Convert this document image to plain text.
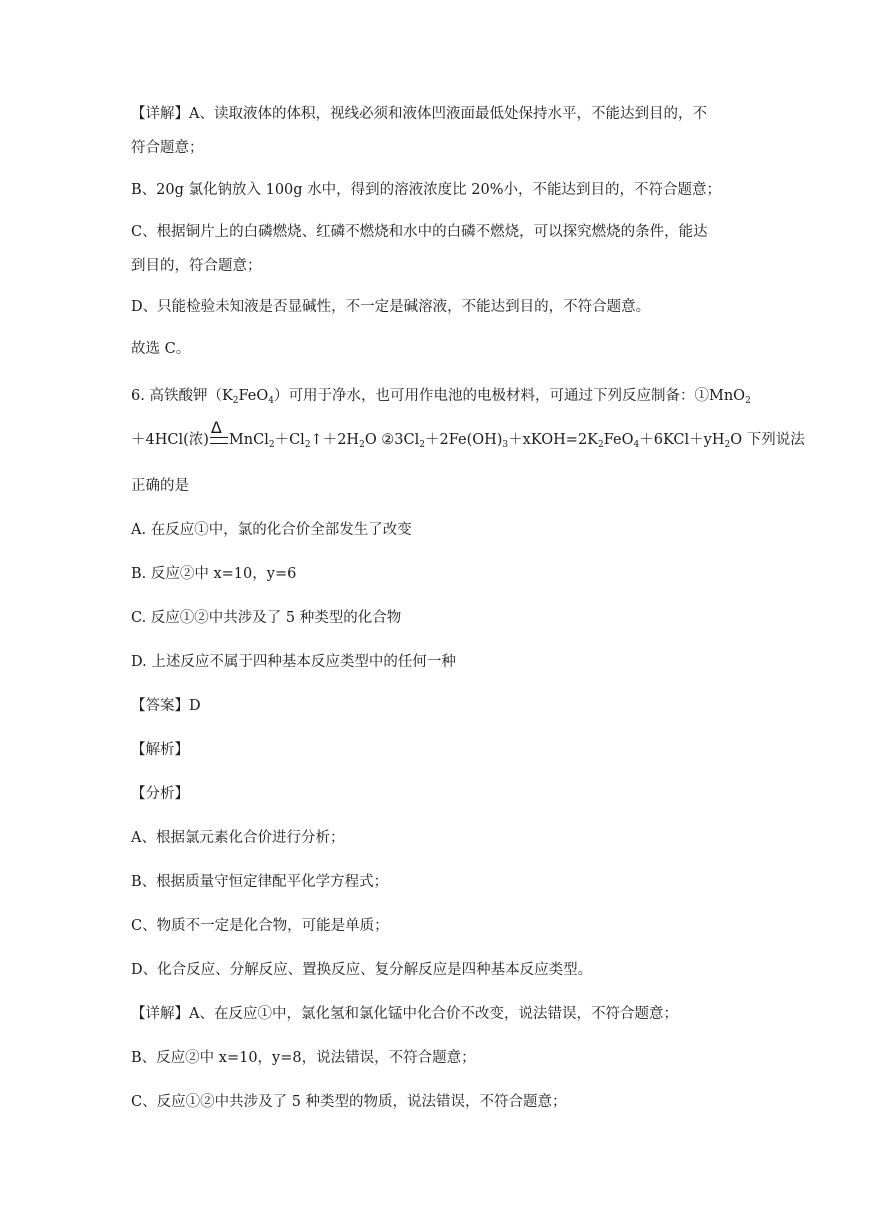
【详解】A、读取液体的体积，视线必须和液体凹液面最低处保持水平，不能达到目的，不
符合题意；
B、20g 氯化钠放入 100g 水中，得到的溶液浓度比 20%小，不能达到目的，不符合题意；
C、根据铜片上的白磷燃烧、红磷不燃烧和水中的白磷不燃烧，可以探究燃烧的条件，能达
到目的，符合题意；
D、只能检验未知液是否显碱性，不一定是碱溶液，不能达到目的，不符合题意。
故选 C。
6. 高铁酸钾$(K_2FeO_4)$可用于净水，也可用作电池的电极材料，可通过下列反应制备：①MnO$_2$
＋4HCl(浓)
Δ
$MnCl_2+Cl_2↑+2H_2O$ $②3Cl_2+2Fe(OH)_3+xKOH=2K_2FeO_4+6KCl+yH_2O$ 下列说法
正确的是
A. 在反应①中，氯的化合价全部发生了改变
B. 反应②中 x=10，y=6
C. 反应①②中共涉及了 5 种类型的化合物
D. 上述反应不属于四种基本反应类型中的任何一种
【答案】D
【解析】
【分析】
A、根据氯元素化合价进行分析；
B、根据质量守恒定律配平化学方程式；
C、物质不一定是化合物，可能是单质；
D、化合反应、分解反应、置换反应、复分解反应是四种基本反应类型。
【详解】A、在反应①中，氯化氢和氯化锰中化合价不改变，说法错误，不符合题意；
B、反应②中 x=10，y=8，说法错误，不符合题意；
C、反应①②中共涉及了 5 种类型的物质，说法错误，不符合题意；
